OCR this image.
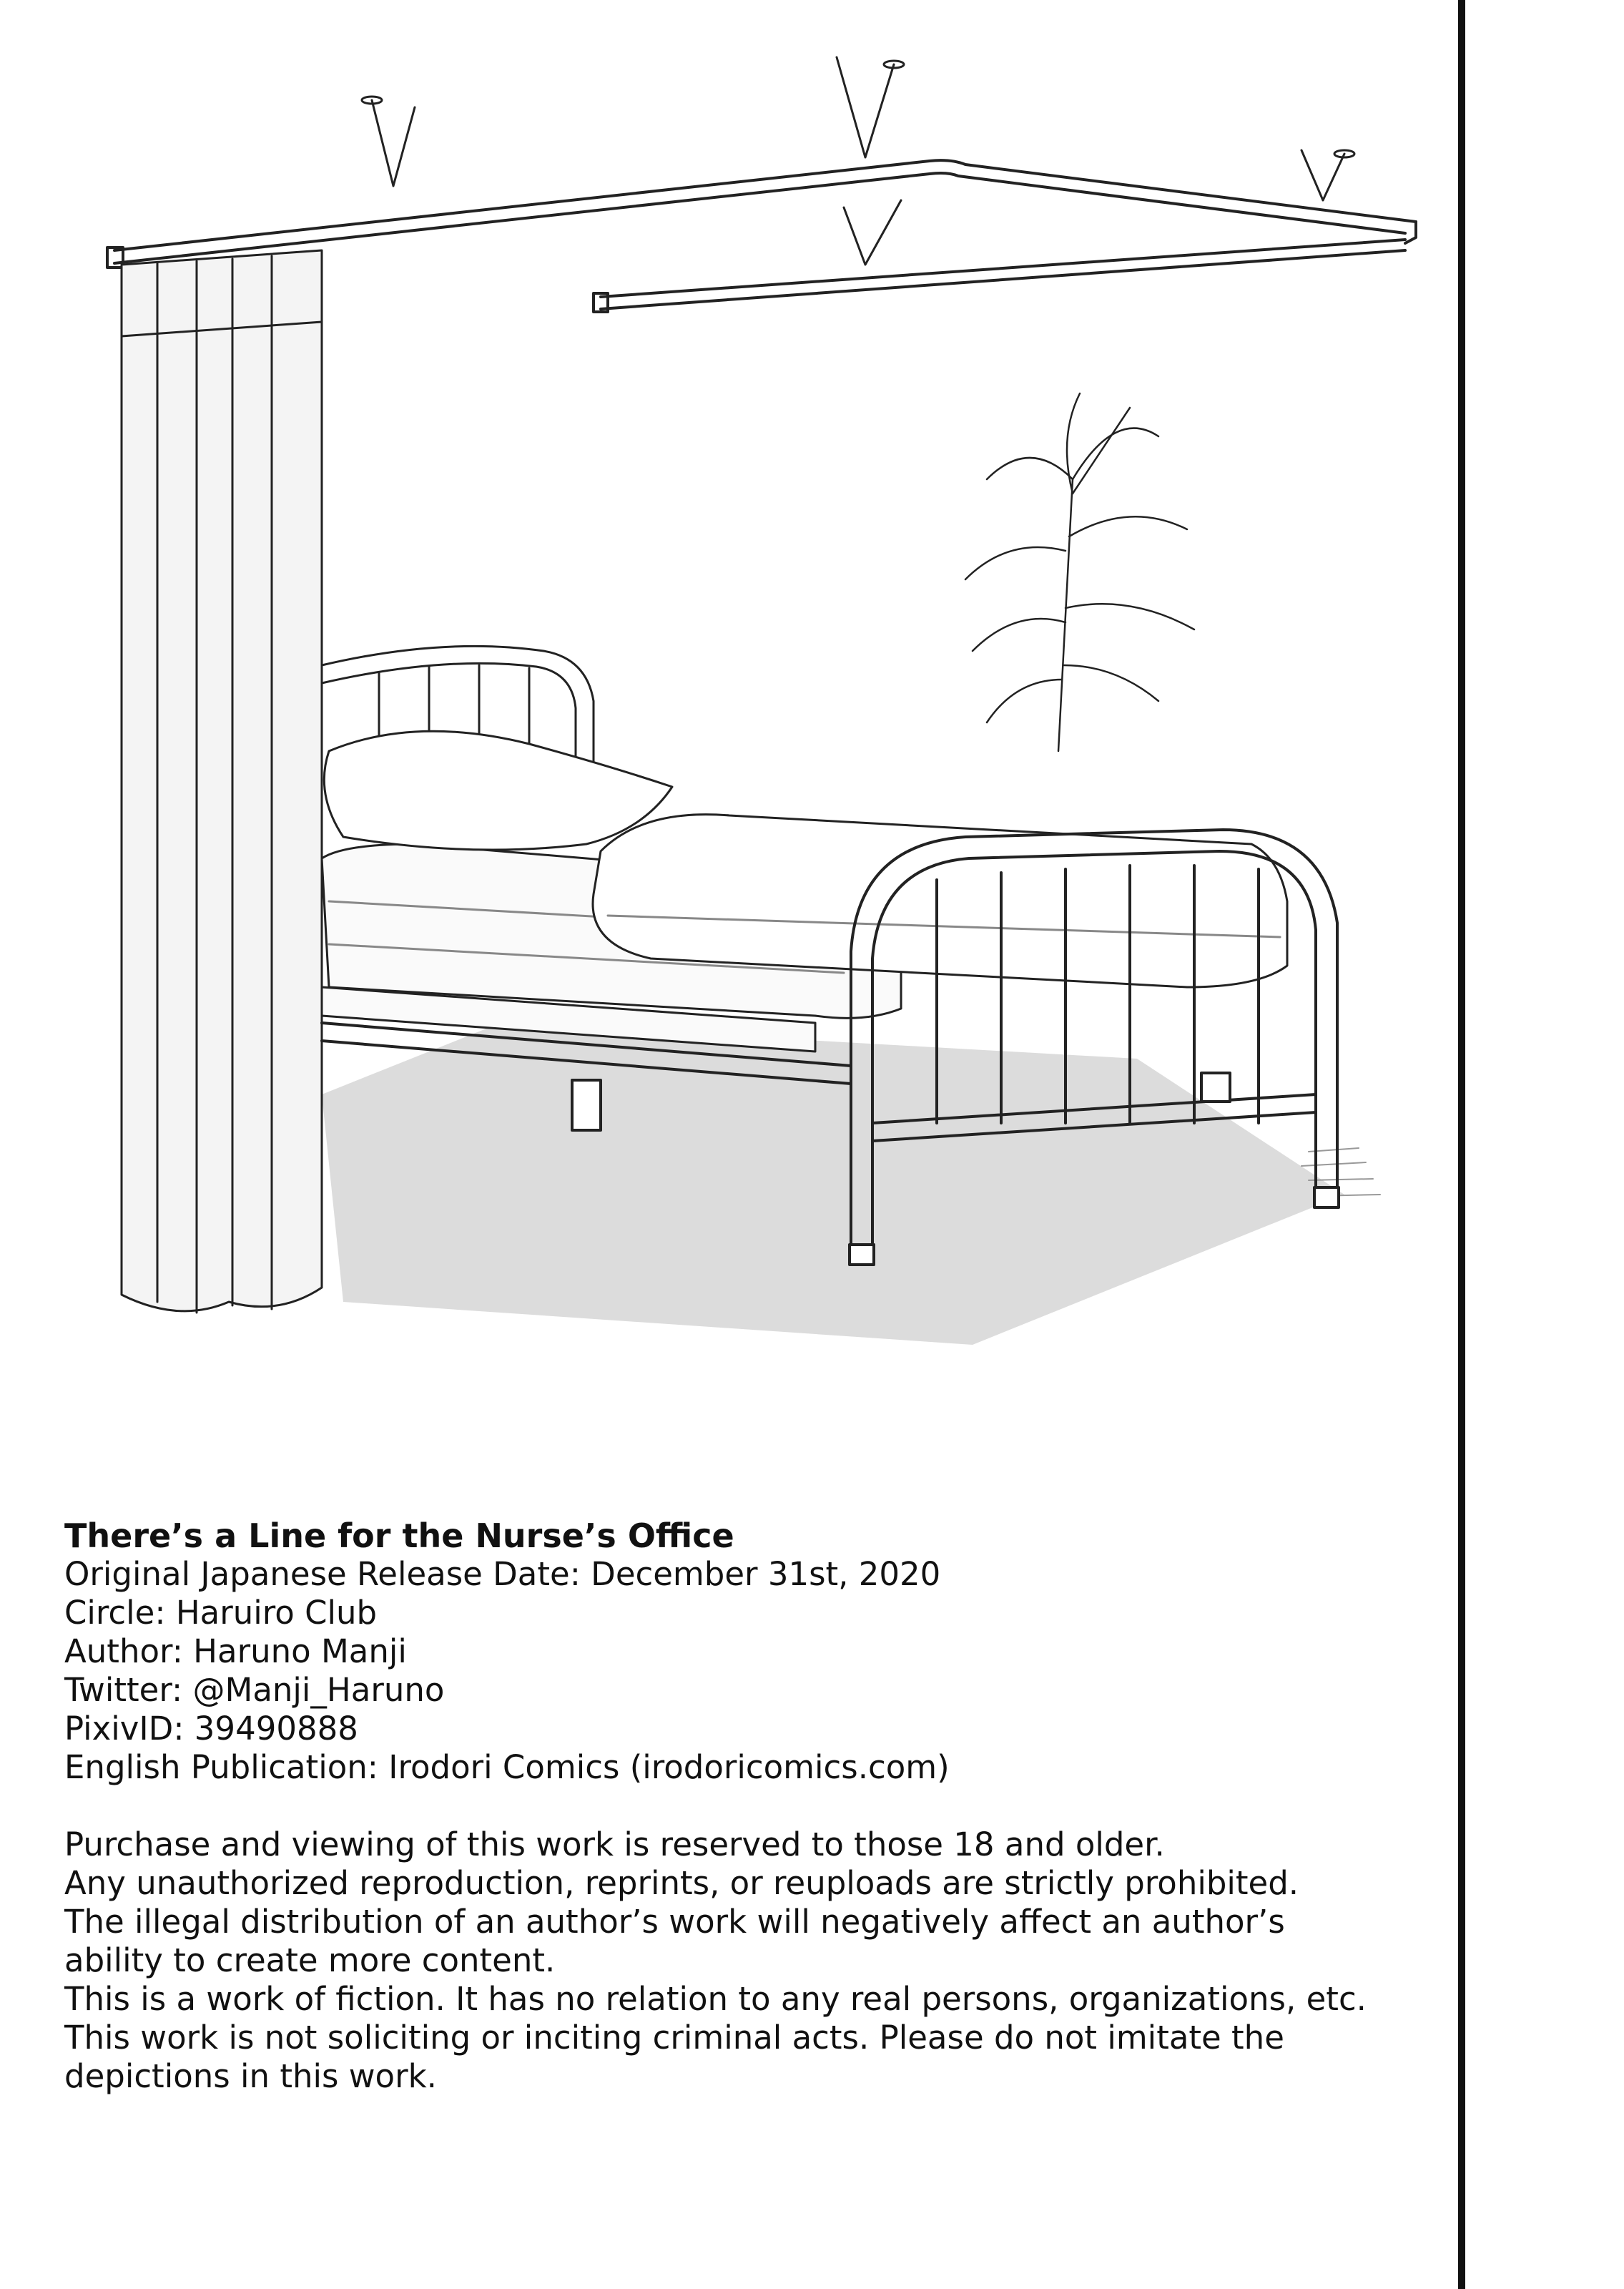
There’s a Line for the Nurse’s Office
Original Japanese Release Date: December 31st, 2020
Circle: Haruiro Club
Author: Haruno Manji
Twitter: @Manji_Haruno
PixivID: 39490888
English Publication: Irodori Comics (irodoricomics.com)
Purchase and viewing of this work is reserved to those 18 and older.
Any unauthorized reproduction, reprints, or reuploads are strictly prohibited.
The illegal distribution of an author’s work will negatively affect an author’s
ability to create more content.
This is a work of fiction. It has no relation to any real persons, organizations, etc.
This work is not soliciting or inciting criminal acts. Please do not imitate the
depictions in this work.
